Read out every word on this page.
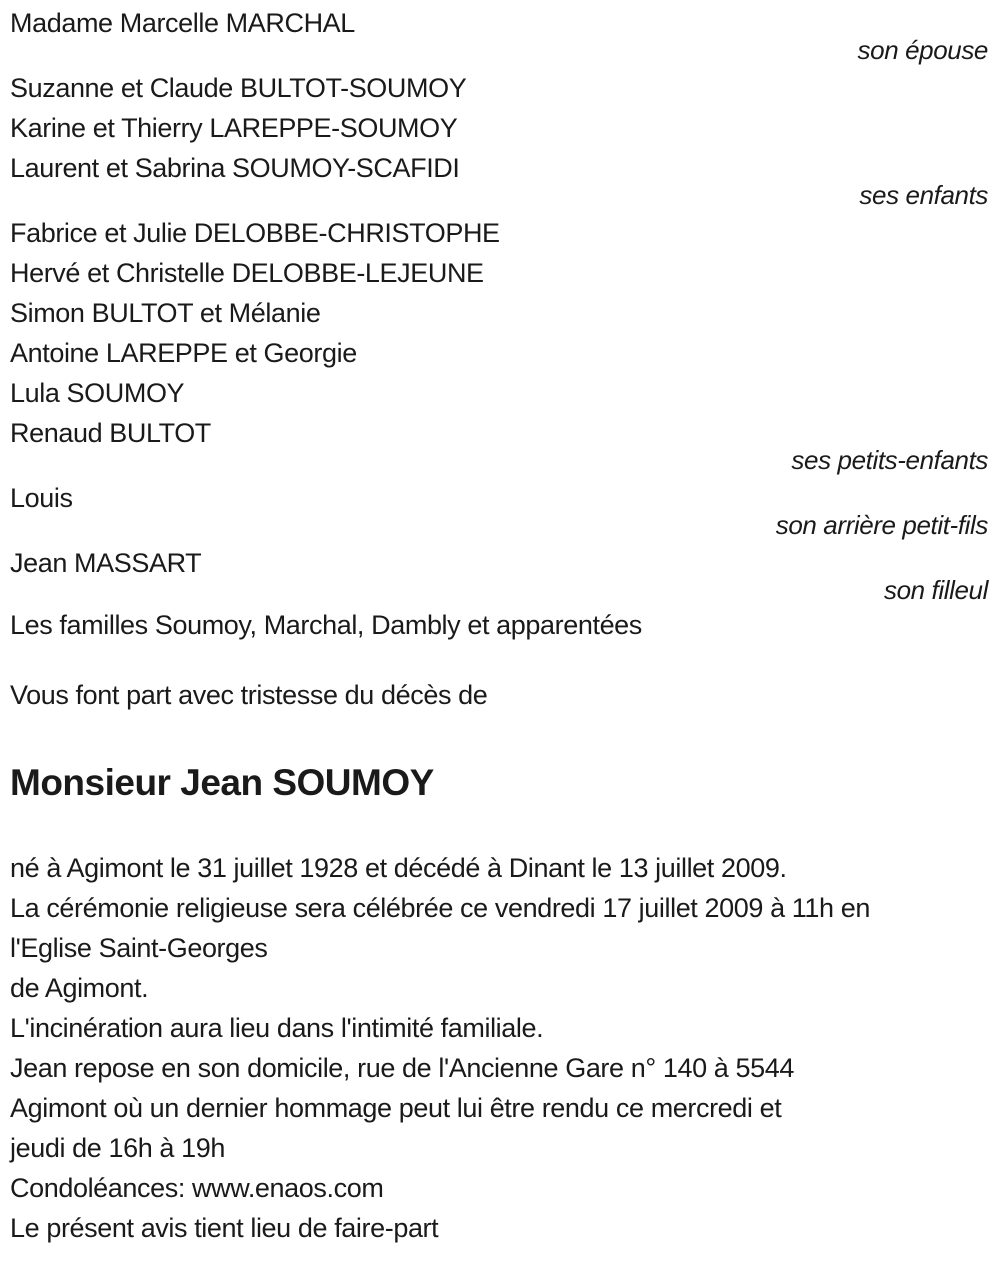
Madame Marcelle MARCHAL
son épouse
Suzanne et Claude BULTOT-SOUMOY
Karine et Thierry LAREPPE-SOUMOY
Laurent et Sabrina SOUMOY-SCAFIDI
ses enfants
Fabrice et Julie DELOBBE-CHRISTOPHE
Hervé et Christelle DELOBBE-LEJEUNE
Simon BULTOT et Mélanie
Antoine LAREPPE et Georgie
Lula SOUMOY
Renaud BULTOT
ses petits-enfants
Louis
son arrière petit-fils
Jean MASSART
son filleul
Les familles Soumoy, Marchal, Dambly et apparentées
Vous font part avec tristesse du décès de
Monsieur Jean SOUMOY
né à Agimont le 31 juillet 1928 et décédé à Dinant le 13 juillet 2009.
La cérémonie religieuse sera célébrée ce vendredi 17 juillet 2009 à 11h en
l'Eglise Saint-Georges
de Agimont.
L'incinération aura lieu dans l'intimité familiale.
Jean repose en son domicile, rue de l'Ancienne Gare n° 140 à 5544
Agimont où un dernier hommage peut lui être rendu ce mercredi et
jeudi de 16h à 19h
Condoléances: www.enaos.com
Le présent avis tient lieu de faire-part
